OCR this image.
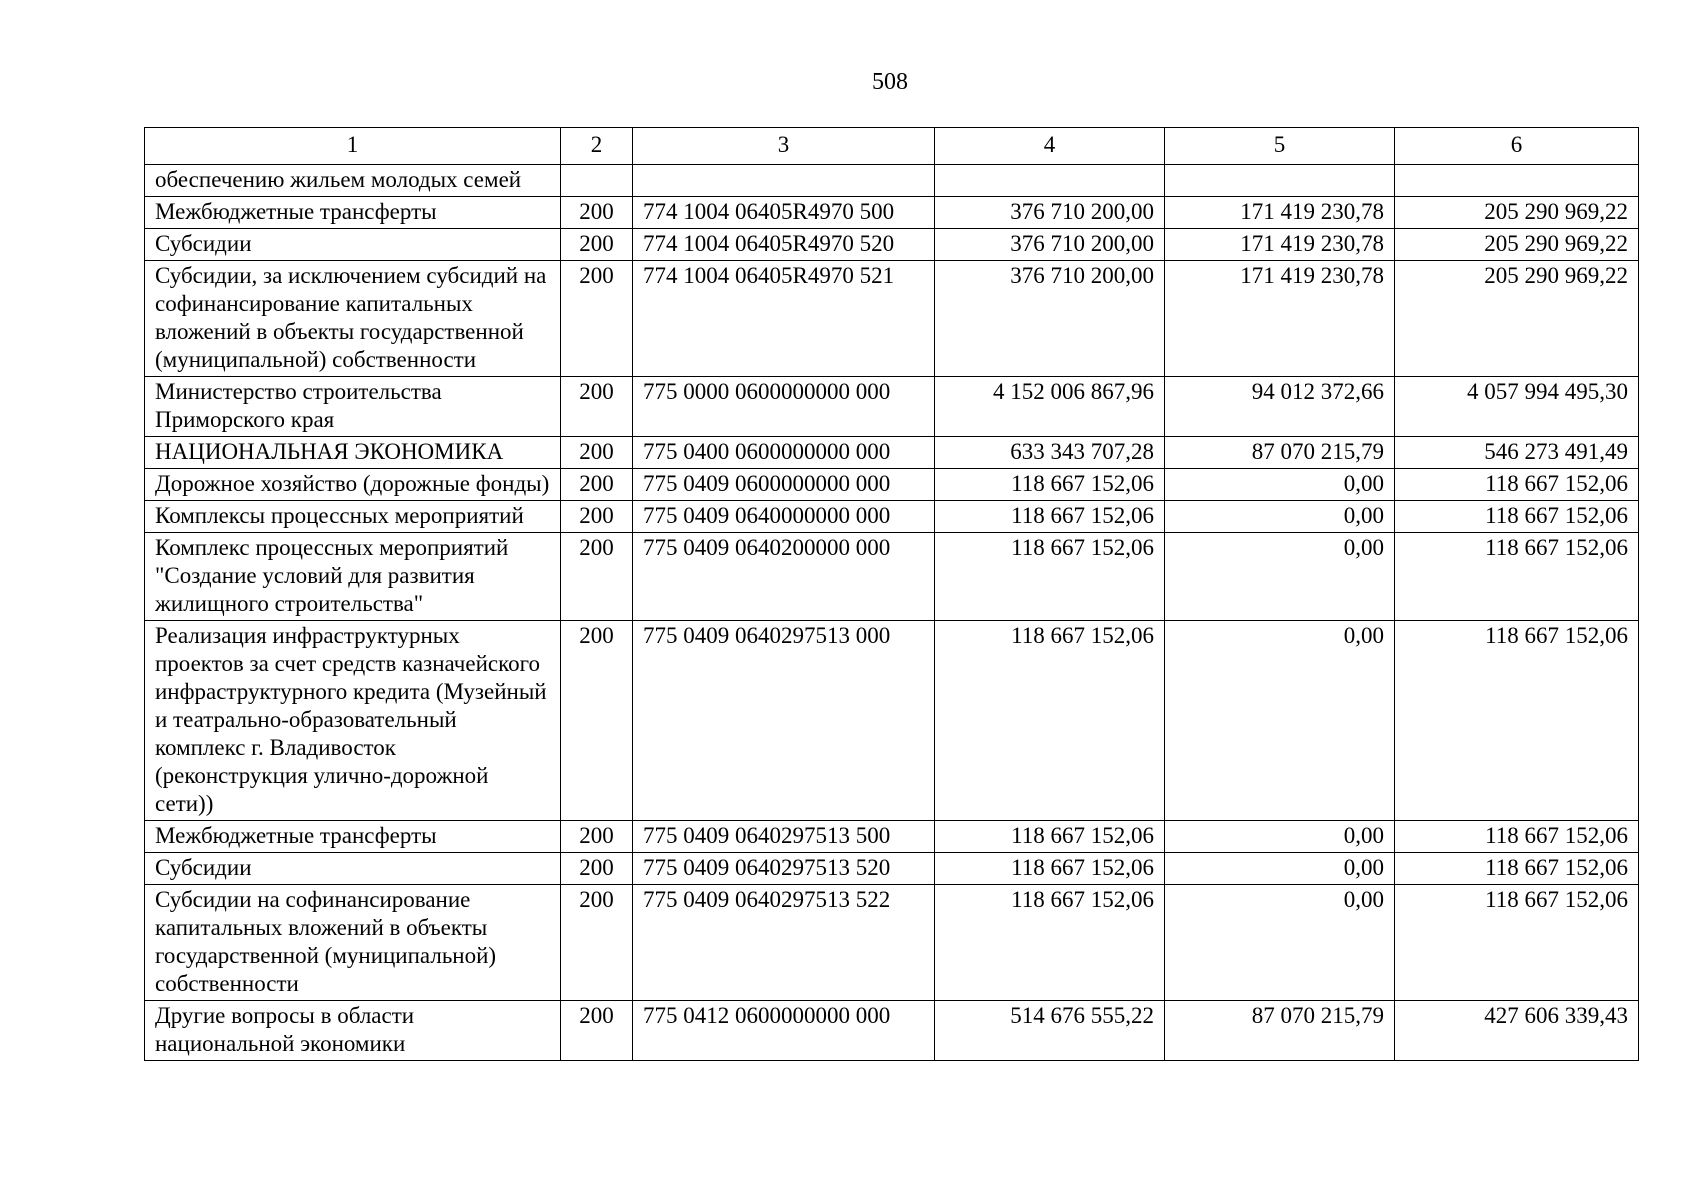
508
1	2	3	4	5	6
обеспечению жильем молодых семей					
Межбюджетные трансферты	200	774 1004 06405R4970 500	376 710 200,00	171 419 230,78	205 290 969,22
Субсидии	200	774 1004 06405R4970 520	376 710 200,00	171 419 230,78	205 290 969,22
Субсидии, за исключением субсидий на софинансирование капитальных вложений в объекты государственной (муниципальной) собственности	200	774 1004 06405R4970 521	376 710 200,00	171 419 230,78	205 290 969,22
Министерство строительства Приморского края	200	775 0000 0600000000 000	4 152 006 867,96	94 012 372,66	4 057 994 495,30
НАЦИОНАЛЬНАЯ ЭКОНОМИКА	200	775 0400 0600000000 000	633 343 707,28	87 070 215,79	546 273 491,49
Дорожное хозяйство (дорожные фонды)	200	775 0409 0600000000 000	118 667 152,06	0,00	118 667 152,06
Комплексы процессных мероприятий	200	775 0409 0640000000 000	118 667 152,06	0,00	118 667 152,06
Комплекс процессных мероприятий "Создание условий для развития жилищного строительства"	200	775 0409 0640200000 000	118 667 152,06	0,00	118 667 152,06
Реализация инфраструктурных проектов за счет средств казначейского инфраструктурного кредита (Музейный и театрально-образовательный комплекс г. Владивосток (реконструкция улично-дорожной сети))	200	775 0409 0640297513 000	118 667 152,06	0,00	118 667 152,06
Межбюджетные трансферты	200	775 0409 0640297513 500	118 667 152,06	0,00	118 667 152,06
Субсидии	200	775 0409 0640297513 520	118 667 152,06	0,00	118 667 152,06
Субсидии на софинансирование капитальных вложений в объекты государственной (муниципальной) собственности	200	775 0409 0640297513 522	118 667 152,06	0,00	118 667 152,06
Другие вопросы в области национальной экономики	200	775 0412 0600000000 000	514 676 555,22	87 070 215,79	427 606 339,43
